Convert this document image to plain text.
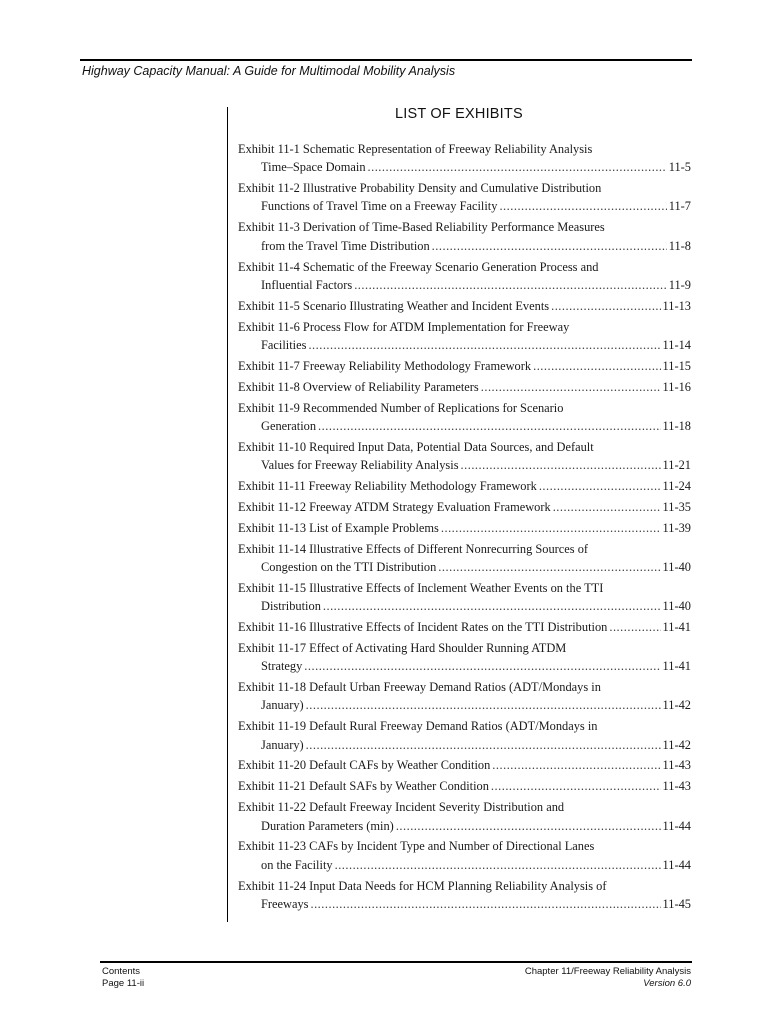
Highway Capacity Manual: A Guide for Multimodal Mobility Analysis
LIST OF EXHIBITS
Exhibit 11-1 Schematic Representation of Freeway Reliability Analysis
Time–Space Domain .....	11-5
Exhibit 11-2 Illustrative Probability Density and Cumulative Distribution
Functions of Travel Time on a Freeway Facility .....	11-7
Exhibit 11-3 Derivation of Time-Based Reliability Performance Measures
from the Travel Time Distribution .....	11-8
Exhibit 11-4 Schematic of the Freeway Scenario Generation Process and
Influential Factors .....	11-9
Exhibit 11-5 Scenario Illustrating Weather and Incident Events .....	11-13
Exhibit 11-6 Process Flow for ATDM Implementation for Freeway
Facilities .....	11-14
Exhibit 11-7 Freeway Reliability Methodology Framework .....	11-15
Exhibit 11-8 Overview of Reliability Parameters .....	11-16
Exhibit 11-9 Recommended Number of Replications for Scenario
Generation .....	11-18
Exhibit 11-10 Required Input Data, Potential Data Sources, and Default
Values for Freeway Reliability Analysis .....	11-21
Exhibit 11-11 Freeway Reliability Methodology Framework .....	11-24
Exhibit 11-12 Freeway ATDM Strategy Evaluation Framework .....	11-35
Exhibit 11-13 List of Example Problems .....	11-39
Exhibit 11-14 Illustrative Effects of Different Nonrecurring Sources of
Congestion on the TTI Distribution .....	11-40
Exhibit 11-15 Illustrative Effects of Inclement Weather Events on the TTI
Distribution .....	11-40
Exhibit 11-16 Illustrative Effects of Incident Rates on the TTI Distribution .....	11-41
Exhibit 11-17 Effect of Activating Hard Shoulder Running ATDM
Strategy .....	11-41
Exhibit 11-18 Default Urban Freeway Demand Ratios (ADT/Mondays in
January) .....	11-42
Exhibit 11-19 Default Rural Freeway Demand Ratios (ADT/Mondays in
January) .....	11-42
Exhibit 11-20 Default CAFs by Weather Condition .....	11-43
Exhibit 11-21 Default SAFs by Weather Condition .....	11-43
Exhibit 11-22 Default Freeway Incident Severity Distribution and
Duration Parameters (min) .....	11-44
Exhibit 11-23 CAFs by Incident Type and Number of Directional Lanes
on the Facility .....	11-44
Exhibit 11-24 Input Data Needs for HCM Planning Reliability Analysis of
Freeways .....	11-45
Contents
Page 11-ii
Chapter 11/Freeway Reliability Analysis
Version 6.0
